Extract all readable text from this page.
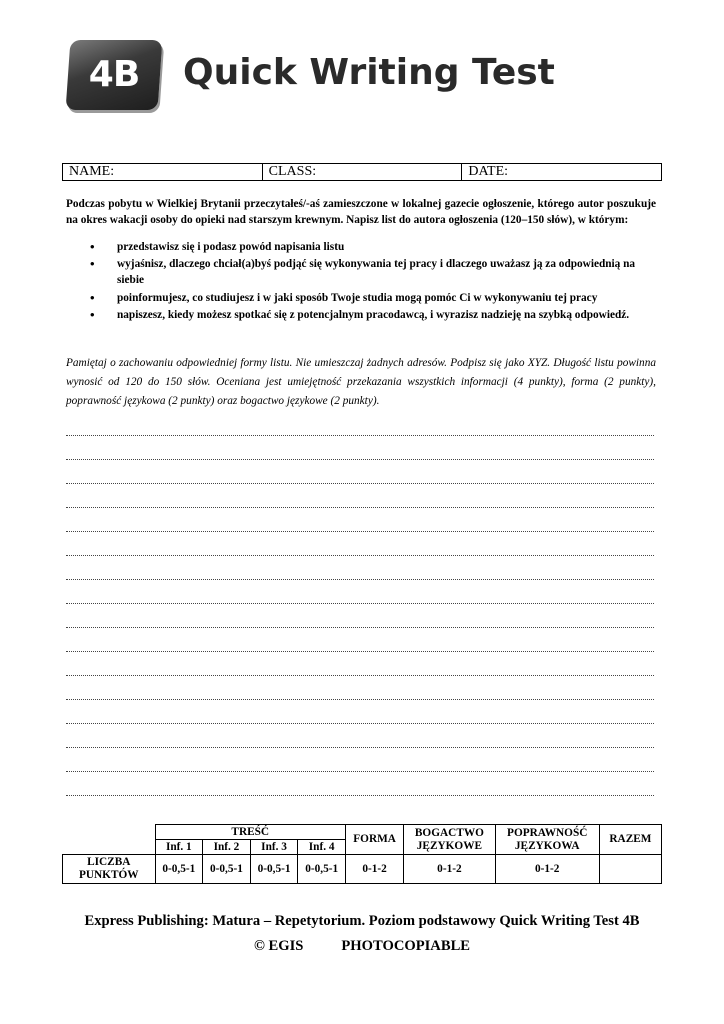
4B	Quick Writing Test
NAME:	CLASS:	DATE:
Podczas pobytu w Wielkiej Brytanii przeczytałeś/-aś zamieszczone w lokalnej gazecie ogłoszenie, którego autor poszukuje na okres wakacji osoby do opieki nad starszym krewnym. Napisz list do autora ogłoszenia (120–150 słów), w którym:
• przedstawisz się i podasz powód napisania listu
• wyjaśnisz, dlaczego chciał(a)byś podjąć się wykonywania tej pracy i dlaczego uważasz ją za odpowiednią na siebie
• poinformujesz, co studiujesz i w jaki sposób Twoje studia mogą pomóc Ci w wykonywaniu tej pracy
• napiszesz, kiedy możesz spotkać się z potencjalnym pracodawcą, i wyrazisz nadzieję na szybką odpowiedź.
Pamiętaj o zachowaniu odpowiedniej formy listu. Nie umieszczaj żadnych adresów. Podpisz się jako XYZ. Długość listu powinna wynosić od 120 do 150 słów. Oceniana jest umiejętność przekazania wszystkich informacji (4 punkty), forma (2 punkty), poprawność językowa (2 punkty) oraz bogactwo językowe (2 punkty).
	TREŚĆ				FORMA	BOGACTWO JĘZYKOWE	POPRAWNOŚĆ JĘZYKOWA	RAZEM
	Inf. 1	Inf. 2	Inf. 3	Inf. 4				
LICZBA PUNKTÓW	0-0,5-1	0-0,5-1	0-0,5-1	0-0,5-1	0-1-2	0-1-2	0-1-2	
Express Publishing: Matura – Repetytorium. Poziom podstawowy Quick Writing Test 4B
© EGIS	PHOTOCOPIABLE
